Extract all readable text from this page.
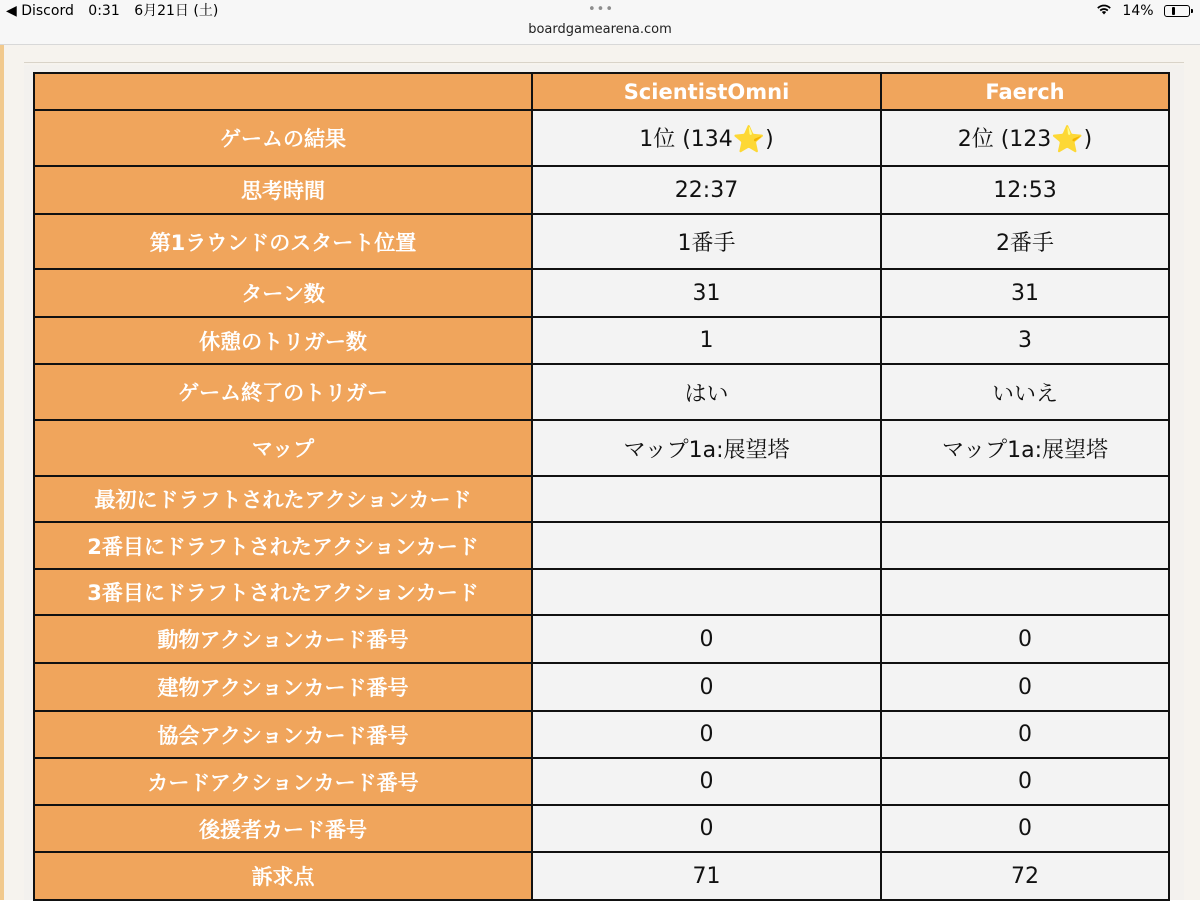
◀ Discord 0:31 6月21日 (土)	•••	14%
boardgamearena.com
	ScientistOmni	Faerch
ゲームの結果	1位 (134⭐)	2位 (123⭐)
思考時間	22:37	12:53
第1ラウンドのスタート位置	1番手	2番手
ターン数	31	31
休憩のトリガー数	1	3
ゲーム終了のトリガー	はい	いいえ
マップ	マップ1a:展望塔	マップ1a:展望塔
最初にドラフトされたアクションカード		
2番目にドラフトされたアクションカード		
3番目にドラフトされたアクションカード		
動物アクションカード番号	0	0
建物アクションカード番号	0	0
協会アクションカード番号	0	0
カードアクションカード番号	0	0
後援者カード番号	0	0
訴求点	71	72
